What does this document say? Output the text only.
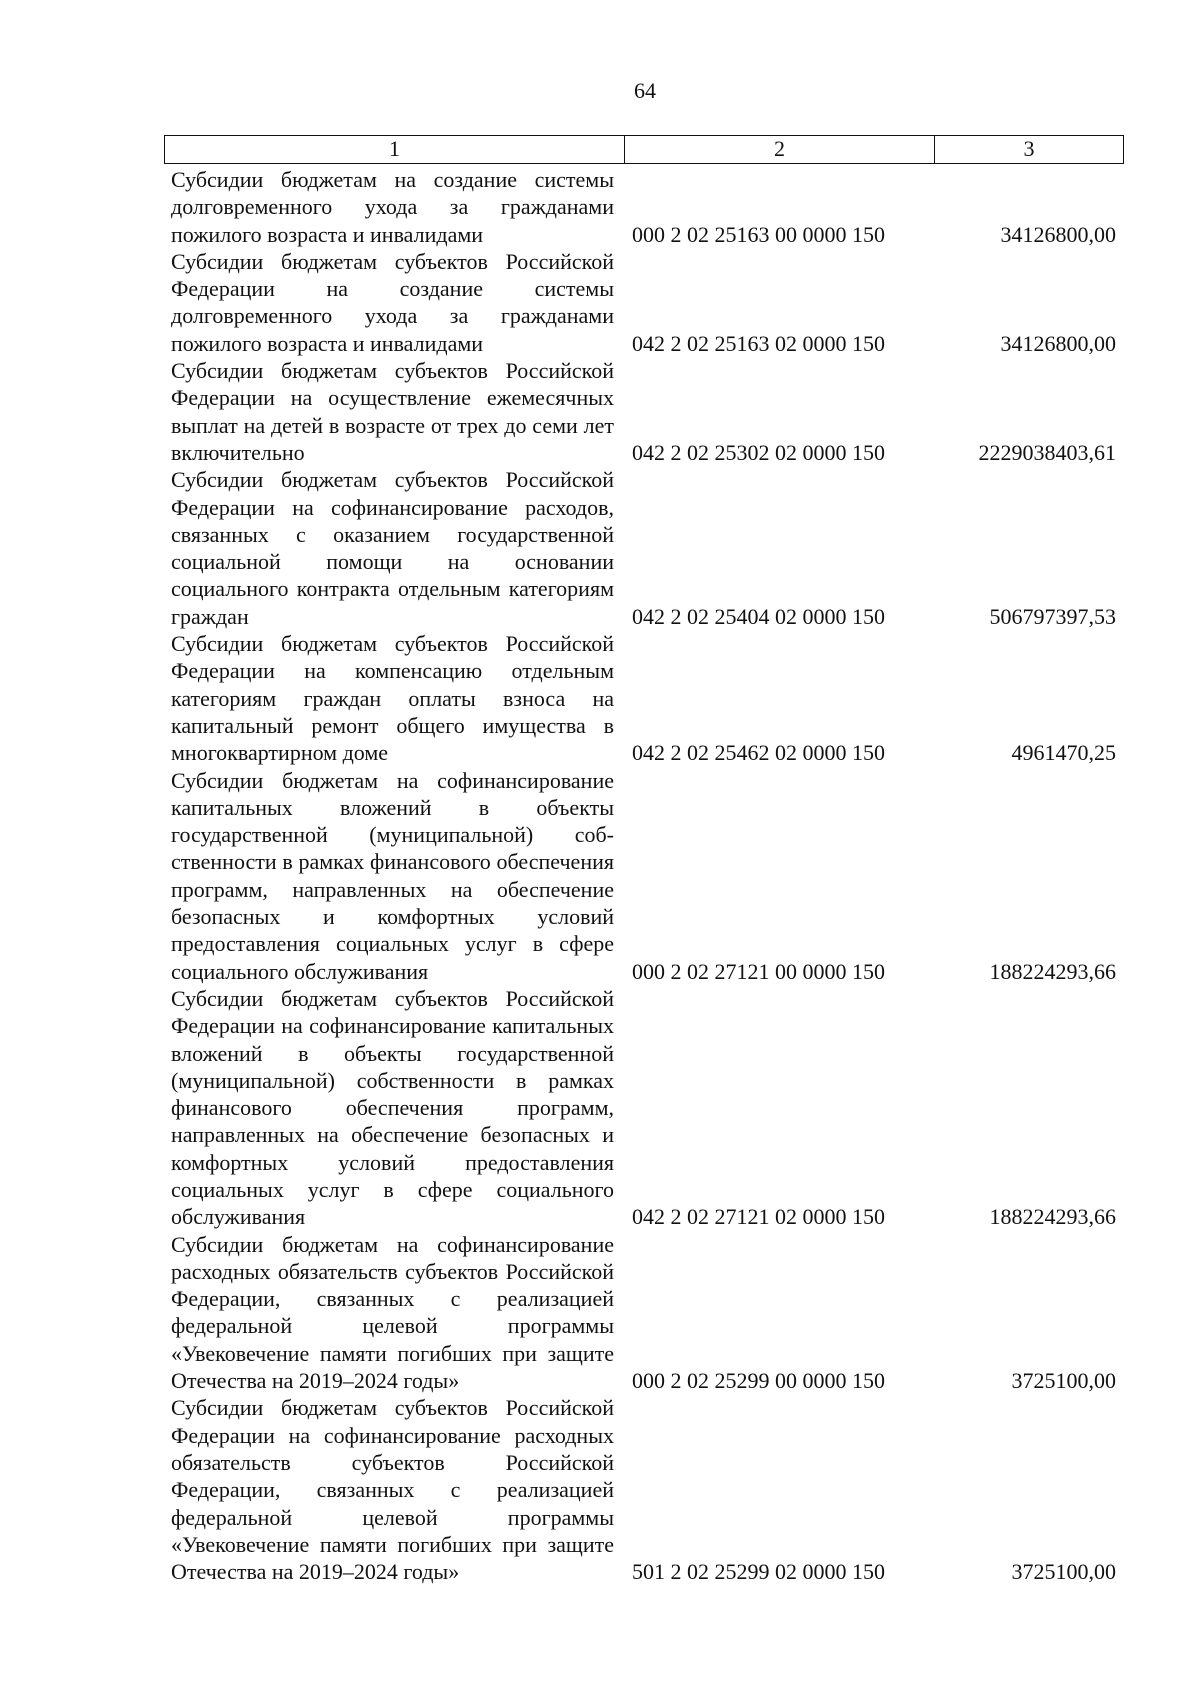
64
1	2	3
Субсидии бюджетам на создание системы долговременного ухода за гражданами пожилого возраста и инвалидами	000 2 02 25163 00 0000 150	34126800,00
Субсидии бюджетам субъектов Российской Федерации на создание системы долговременного ухода за гражданами пожилого возраста и инвалидами	042 2 02 25163 02 0000 150	34126800,00
Субсидии бюджетам субъектов Российской Федерации на осуществление ежемесячных выплат на детей в возрасте от трех до семи лет включительно	042 2 02 25302 02 0000 150	2229038403,61
Субсидии бюджетам субъектов Российской Федерации на софинансирование расходов, связанных с оказанием государственной социальной помощи на основании социального контракта отдельным категориям граждан	042 2 02 25404 02 0000 150	506797397,53
Субсидии бюджетам субъектов Российской Федерации на компенсацию отдельным категориям граждан оплаты взноса на капитальный ремонт общего имущества в многоквартирном доме	042 2 02 25462 02 0000 150	4961470,25
Субсидии бюджетам на софинансирование капитальных вложений в объекты государственной (муниципальной) собственности в рамках финансового обеспечения программ, направленных на обеспечение безопасных и комфортных условий предоставления социальных услуг в сфере социального обслуживания	000 2 02 27121 00 0000 150	188224293,66
Субсидии бюджетам субъектов Российской Федерации на софинансирование капитальных вложений в объекты государственной (муниципальной) собственности в рамках финансового обеспечения программ, направленных на обеспечение безопасных и комфортных условий предоставления социальных услуг в сфере социального обслуживания	042 2 02 27121 02 0000 150	188224293,66
Субсидии бюджетам на софинансирование расходных обязательств субъектов Российской Федерации, связанных с реализацией федеральной целевой программы «Увековечение памяти погибших при защите Отечества на 2019–2024 годы»	000 2 02 25299 00 0000 150	3725100,00
Субсидии бюджетам субъектов Российской Федерации на софинансирование расходных обязательств субъектов Российской Федерации, связанных с реализацией федеральной целевой программы «Увековечение памяти погибших при защите Отечества на 2019–2024 годы»	501 2 02 25299 02 0000 150	3725100,00
